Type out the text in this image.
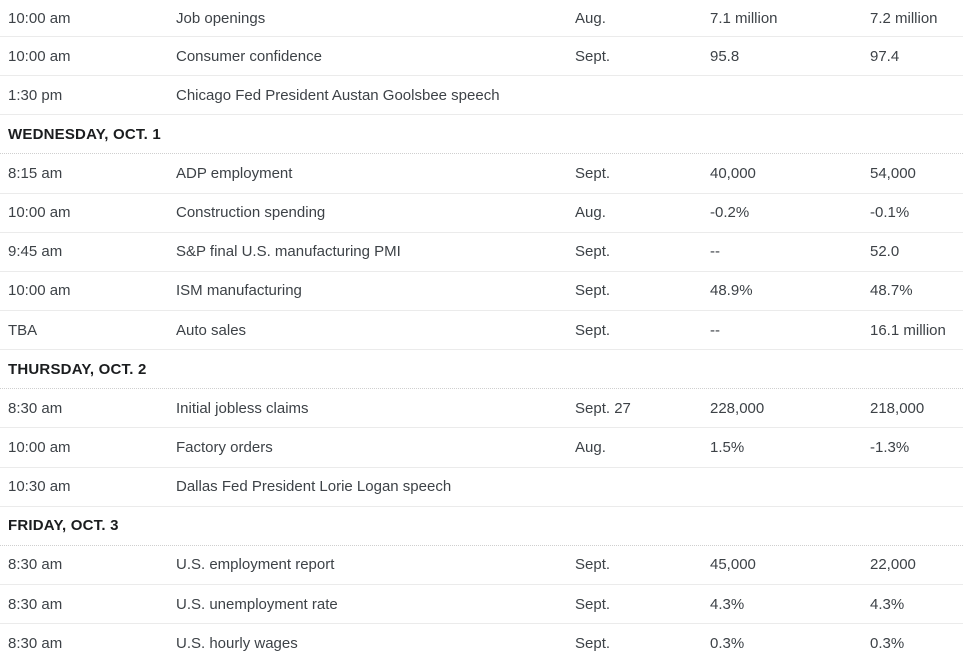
10:00 am	Job openings	Aug.	7.1 million	7.2 million
10:00 am	Consumer confidence	Sept.	95.8	97.4
1:30 pm	Chicago Fed President Austan Goolsbee speech
WEDNESDAY, OCT. 1
8:15 am	ADP employment	Sept.	40,000	54,000
10:00 am	Construction spending	Aug.	-0.2%	-0.1%
9:45 am	S&P final U.S. manufacturing PMI	Sept.	--	52.0
10:00 am	ISM manufacturing	Sept.	48.9%	48.7%
TBA	Auto sales	Sept.	--	16.1 million
THURSDAY, OCT. 2
8:30 am	Initial jobless claims	Sept. 27	228,000	218,000
10:00 am	Factory orders	Aug.	1.5%	-1.3%
10:30 am	Dallas Fed President Lorie Logan speech
FRIDAY, OCT. 3
8:30 am	U.S. employment report	Sept.	45,000	22,000
8:30 am	U.S. unemployment rate	Sept.	4.3%	4.3%
8:30 am	U.S. hourly wages	Sept.	0.3%	0.3%
